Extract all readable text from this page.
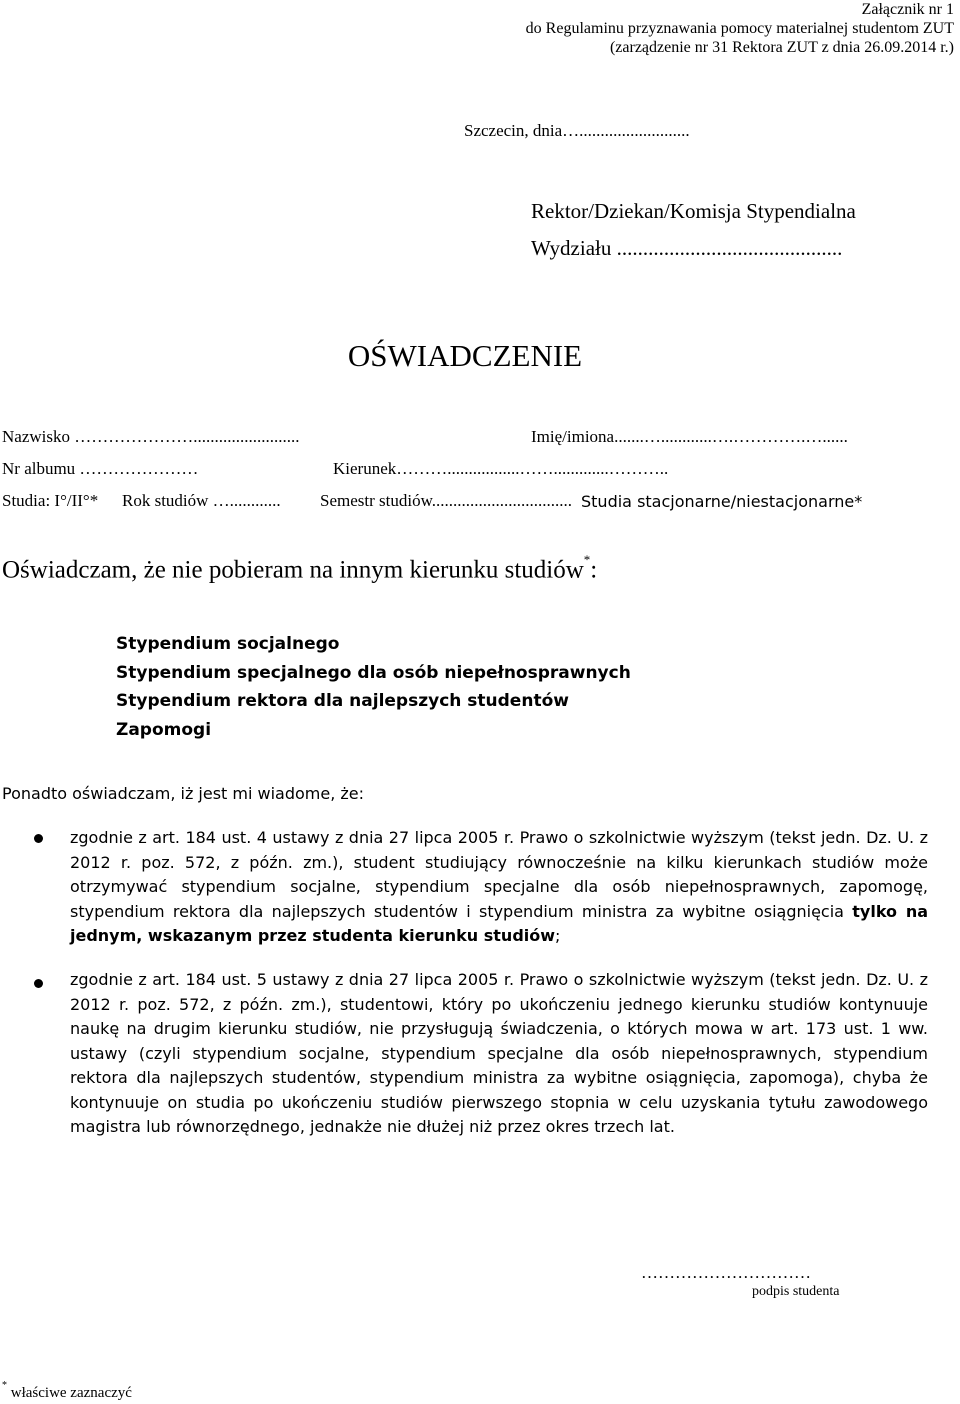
Załącznik nr 1
do Regulaminu przyznawania pomocy materialnej studentom ZUT
(zarządzenie nr 31 Rektora ZUT z dnia 26.09.2014 r.)
Szczecin, dnia…..........................
Rektor/Dziekan/Komisja Stypendialna
Wydziału ...........................................
OŚWIADCZENIE
Nazwisko ………………….........................	Imię/imiona.......…............….………….…......
Nr albumu …………………	Kierunek……….................…….............………..
Studia: I°/II°* Rok studiów …............ Semestr studiów................................. Studia stacjonarne/niestacjonarne*
Oświadczam, że nie pobieram na innym kierunku studiów*:
Stypendium socjalnego
Stypendium specjalnego dla osób niepełnosprawnych
Stypendium rektora dla najlepszych studentów
Zapomogi
Ponadto oświadczam, iż jest mi wiadome, że:

zgodnie z art. 184 ust. 4 ustawy z dnia 27 lipca 2005 r. Prawo o szkolnictwie wyższym (tekst jedn. Dz. U. z 2012 r. poz. 572, z późn. zm.), student studiujący równocześnie na kilku kierunkach studiów może otrzymywać stypendium socjalne, stypendium specjalne dla osób niepełnosprawnych, zapomogę, stypendium rektora dla najlepszych studentów i stypendium ministra za wybitne osiągnięcia tylko na jednym, wskazanym przez studenta kierunku studiów;

zgodnie z art. 184 ust. 5 ustawy z dnia 27 lipca 2005 r. Prawo o szkolnictwie wyższym (tekst jedn. Dz. U. z 2012 r. poz. 572, z późn. zm.), studentowi, który po ukończeniu jednego kierunku studiów kontynuuje naukę na drugim kierunku studiów, nie przysługują świadczenia, o których mowa w art. 173 ust. 1 ww. ustawy (czyli stypendium socjalne, stypendium specjalne dla osób niepełnosprawnych, stypendium rektora dla najlepszych studentów, stypendium ministra za wybitne osiągnięcia, zapomoga), chyba że kontynuuje on studia po ukończeniu studiów pierwszego stopnia w celu uzyskania tytułu zawodowego magistra lub równorzędnego, jednakże nie dłużej niż przez okres trzech lat.

…………………………
podpis studenta
* właściwe zaznaczyć
